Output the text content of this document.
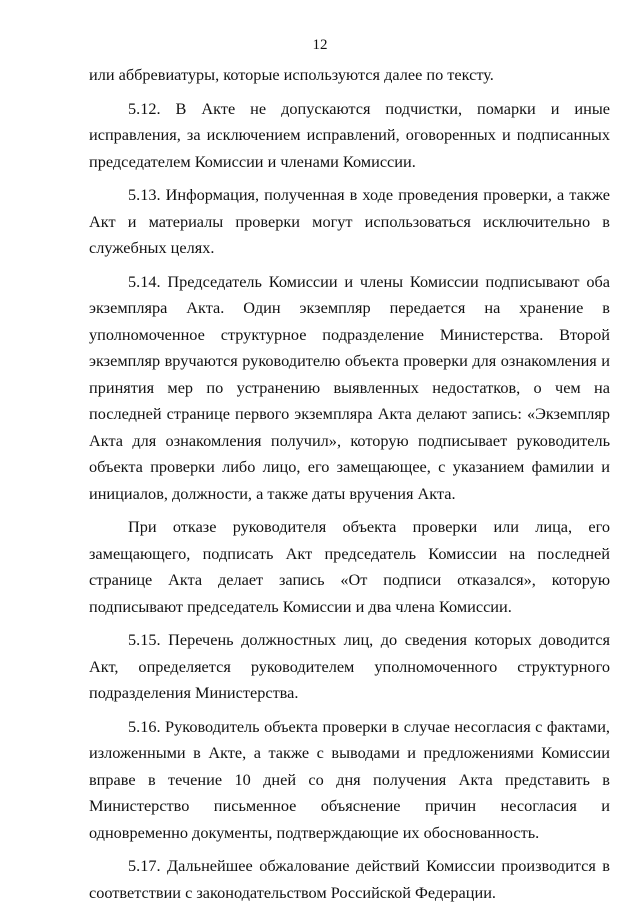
12

или аббревиатуры, которые используются далее по тексту.

5.12. В Акте не допускаются подчистки, помарки и иные исправления, за исключением исправлений, оговоренных и подписанных председателем Комиссии и членами Комиссии.

5.13. Информация, полученная в ходе проведения проверки, а также Акт и материалы проверки могут использоваться исключительно в служебных целях.

5.14. Председатель Комиссии и члены Комиссии подписывают оба экземпляра Акта. Один экземпляр передается на хранение в уполномоченное структурное подразделение Министерства. Второй экземпляр вручаются руководителю объекта проверки для ознакомления и принятия мер по устранению выявленных недостатков, о чем на последней странице первого экземпляра Акта делают запись: «Экземпляр Акта для ознакомления получил», которую подписывает руководитель объекта проверки либо лицо, его замещающее, с указанием фамилии и инициалов, должности, а также даты вручения Акта.

При отказе руководителя объекта проверки или лица, его замещающего, подписать Акт председатель Комиссии на последней странице Акта делает запись «От подписи отказался», которую подписывают председатель Комиссии и два члена Комиссии.

5.15. Перечень должностных лиц, до сведения которых доводится Акт, определяется руководителем уполномоченного структурного подразделения Министерства.

5.16. Руководитель объекта проверки в случае несогласия с фактами, изложенными в Акте, а также с выводами и предложениями Комиссии вправе в течение 10 дней со дня получения Акта представить в Министерство письменное объяснение причин несогласия и одновременно документы, подтверждающие их обоснованность.

5.17. Дальнейшее обжалование действий Комиссии производится в соответствии с законодательством Российской Федерации.
